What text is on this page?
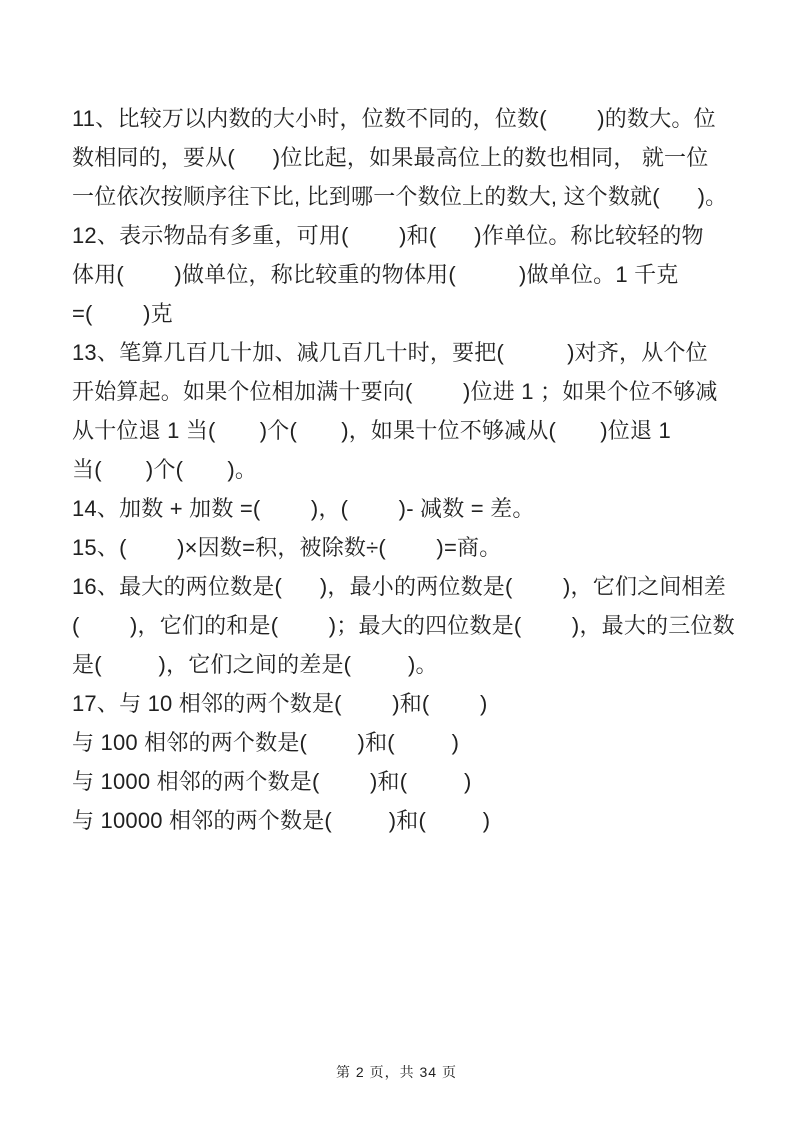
11、比较万以内数的大小时，位数不同的，位数(        )的数大。位
数相同的，要从(      )位比起，如果最高位上的数也相同， 就一位
一位依次按顺序往下比, 比到哪一个数位上的数大, 这个数就(      )。
12、表示物品有多重，可用(        )和(      )作单位。称比较轻的物
体用(        )做单位，称比较重的物体用(          )做单位。1 千克
=(        )克
13、笔算几百几十加、减几百几十时，要把(          )对齐，从个位
开始算起。如果个位相加满十要向(        )位进 1 ；如果个位不够减
从十位退 1 当(       )个(       )，如果十位不够减从(       )位退 1
当(       )个(       )。
14、加数 + 加数 =(        )，(        )- 减数 = 差。
15、(        )×因数=积，被除数÷(        )=商。
16、最大的两位数是(      )，最小的两位数是(        )，它们之间相差
(        )，它们的和是(        )；最大的四位数是(        )，最大的三位数
是(         )，它们之间的差是(         )。
17、与 10 相邻的两个数是(        )和(        )
与 100 相邻的两个数是(        )和(         )
与 1000 相邻的两个数是(        )和(         )
与 10000 相邻的两个数是(         )和(         )
第 2 页，共 34 页
